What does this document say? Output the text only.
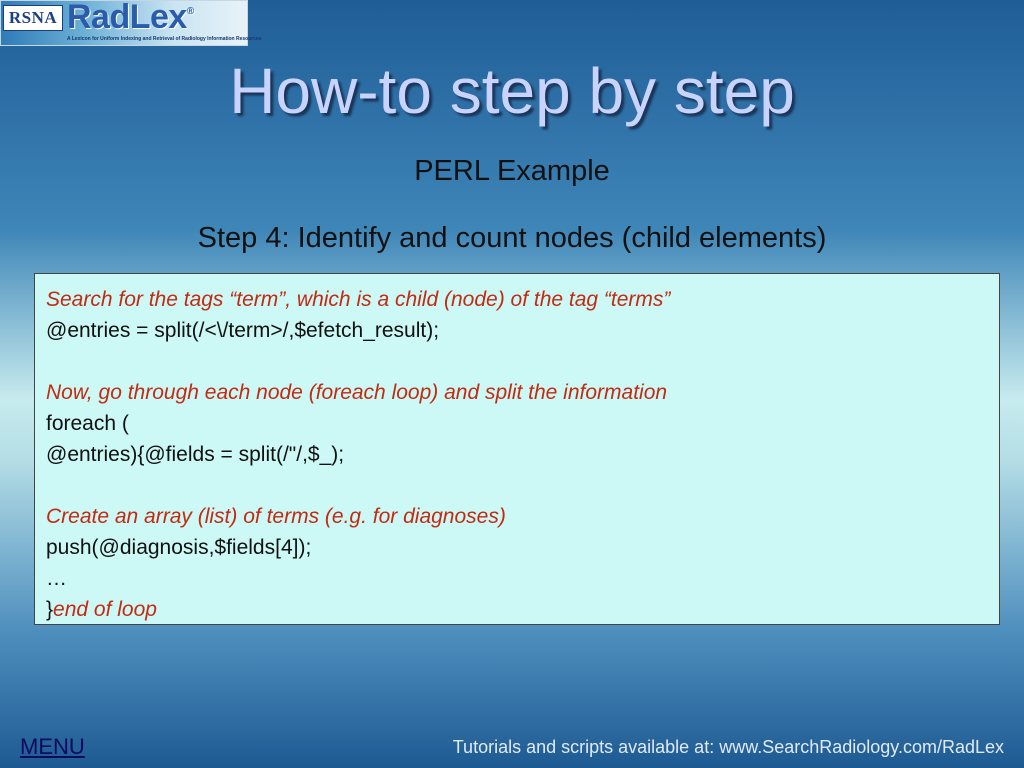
RSNA RadLex®
A Lexicon for Uniform Indexing and Retrieval of Radiology Information Resources
How-to step by step
PERL Example
Step 4: Identify and count nodes (child elements)
Search for the tags “term”, which is a child (node) of the tag “terms”
@entries = split(/<\/term>/,$efetch_result);
Now, go through each node (foreach loop) and split the information
foreach (
@entries){@fields = split(/"/,$_);
Create an array (list) of terms (e.g. for diagnoses)
push(@diagnosis,$fields[4]);
…
}end of loop
MENU	Tutorials and scripts available at: www.SearchRadiology.com/RadLex
